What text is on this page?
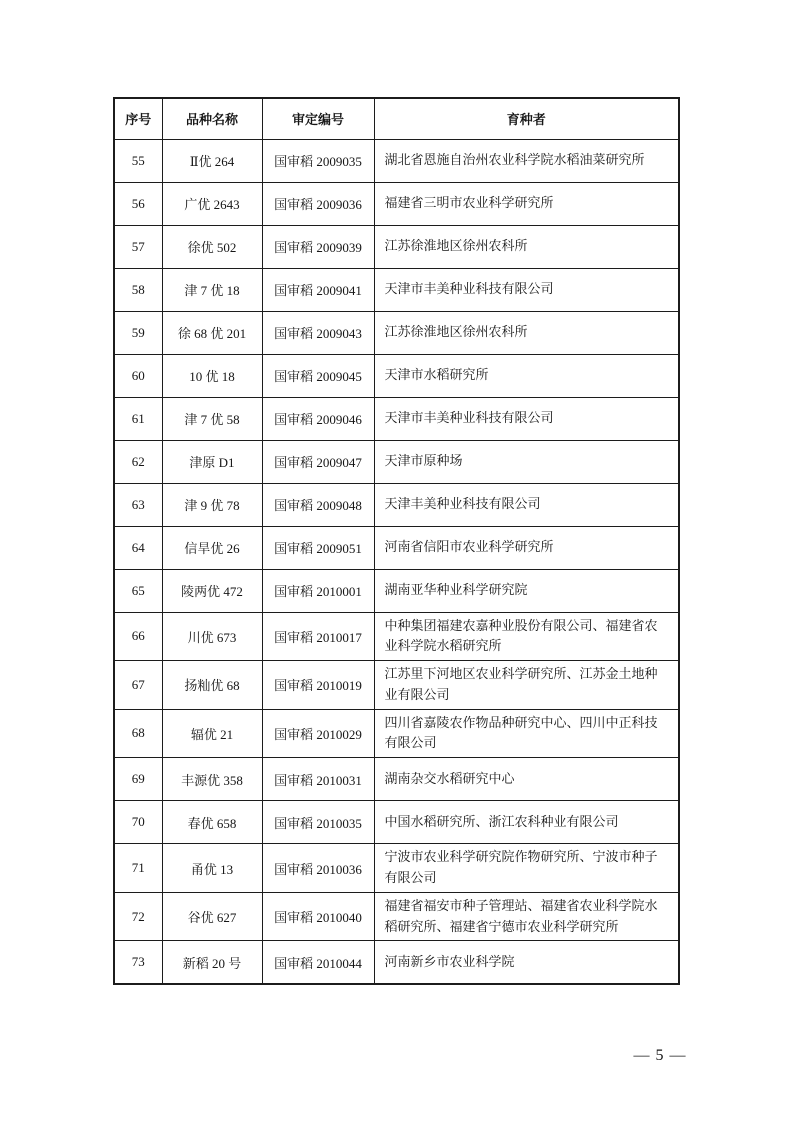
序号	品种名称	审定编号	育种者
55	Ⅱ优 264	国审稻 2009035	湖北省恩施自治州农业科学院水稻油菜研究所
56	广优 2643	国审稻 2009036	福建省三明市农业科学研究所
57	徐优 502	国审稻 2009039	江苏徐淮地区徐州农科所
58	津 7 优 18	国审稻 2009041	天津市丰美种业科技有限公司
59	徐 68 优 201	国审稻 2009043	江苏徐淮地区徐州农科所
60	10 优 18	国审稻 2009045	天津市水稻研究所
61	津 7 优 58	国审稻 2009046	天津市丰美种业科技有限公司
62	津原 D1	国审稻 2009047	天津市原种场
63	津 9 优 78	国审稻 2009048	天津丰美种业科技有限公司
64	信旱优 26	国审稻 2009051	河南省信阳市农业科学研究所
65	陵两优 472	国审稻 2010001	湖南亚华种业科学研究院
66	川优 673	国审稻 2010017	中种集团福建农嘉种业股份有限公司、福建省农业科学院水稻研究所
67	扬籼优 68	国审稻 2010019	江苏里下河地区农业科学研究所、江苏金土地种业有限公司
68	辐优 21	国审稻 2010029	四川省嘉陵农作物品种研究中心、四川中正科技有限公司
69	丰源优 358	国审稻 2010031	湖南杂交水稻研究中心
70	春优 658	国审稻 2010035	中国水稻研究所、浙江农科种业有限公司
71	甬优 13	国审稻 2010036	宁波市农业科学研究院作物研究所、宁波市种子有限公司
72	谷优 627	国审稻 2010040	福建省福安市种子管理站、福建省农业科学院水稻研究所、福建省宁德市农业科学研究所
73	新稻 20 号	国审稻 2010044	河南新乡市农业科学院
— 5 —
